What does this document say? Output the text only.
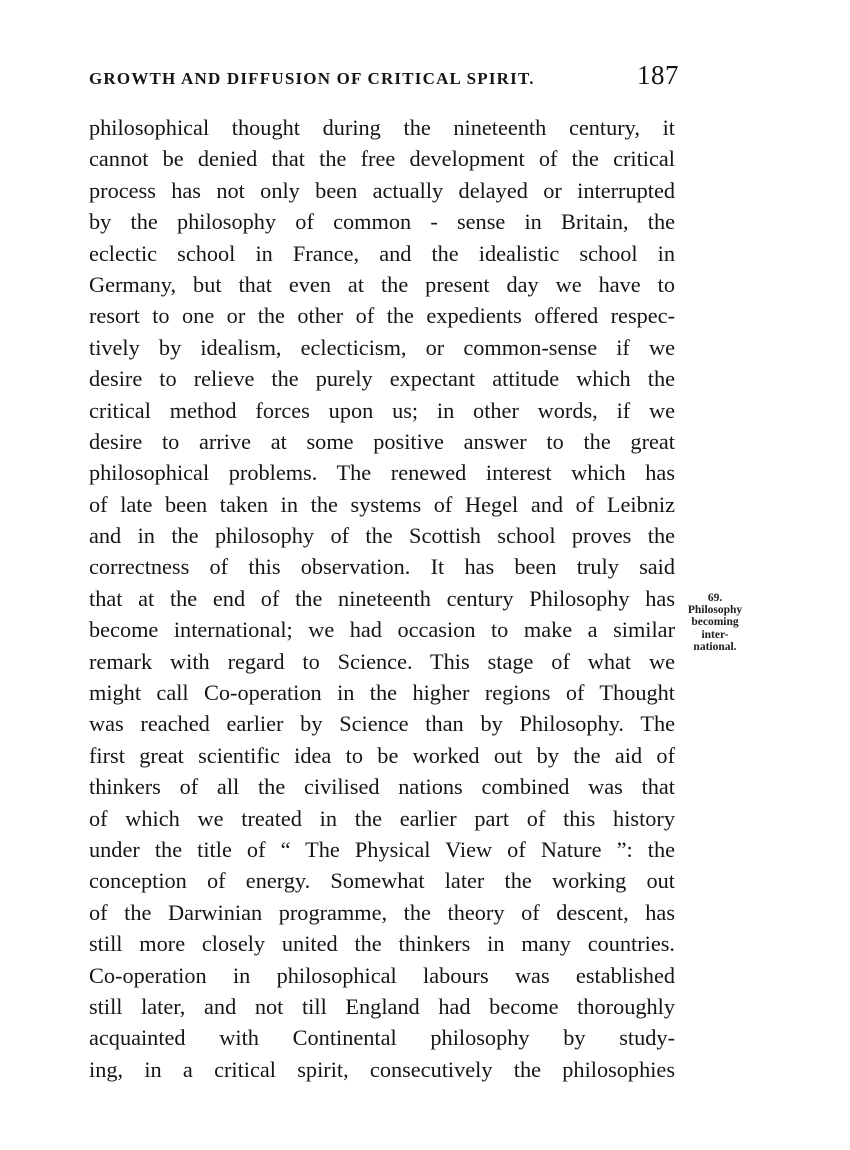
GROWTH AND DIFFUSION OF CRITICAL SPIRIT.	187
philosophical thought during the nineteenth century, it
cannot be denied that the free development of the critical
process has not only been actually delayed or interrupted
by the philosophy of common - sense in Britain, the
eclectic school in France, and the idealistic school in
Germany, but that even at the present day we have to
resort to one or the other of the expedients offered respec-
tively by idealism, eclecticism, or common-sense if we
desire to relieve the purely expectant attitude which the
critical method forces upon us; in other words, if we
desire to arrive at some positive answer to the great
philosophical problems. The renewed interest which has
of late been taken in the systems of Hegel and of Leibniz
and in the philosophy of the Scottish school proves the
correctness of this observation. It has been truly said
that at the end of the nineteenth century Philosophy has
become international; we had occasion to make a similar
remark with regard to Science. This stage of what we
might call Co-operation in the higher regions of Thought
was reached earlier by Science than by Philosophy. The
first great scientific idea to be worked out by the aid of
thinkers of all the civilised nations combined was that
of which we treated in the earlier part of this history
under the title of “ The Physical View of Nature ”: the
conception of energy. Somewhat later the working out
of the Darwinian programme, the theory of descent, has
still more closely united the thinkers in many countries.
Co-operation in philosophical labours was established
still later, and not till England had become thoroughly
acquainted with Continental philosophy by study-
ing, in a critical spirit, consecutively the philosophies
69.
Philosophy
becoming
inter-
national.
